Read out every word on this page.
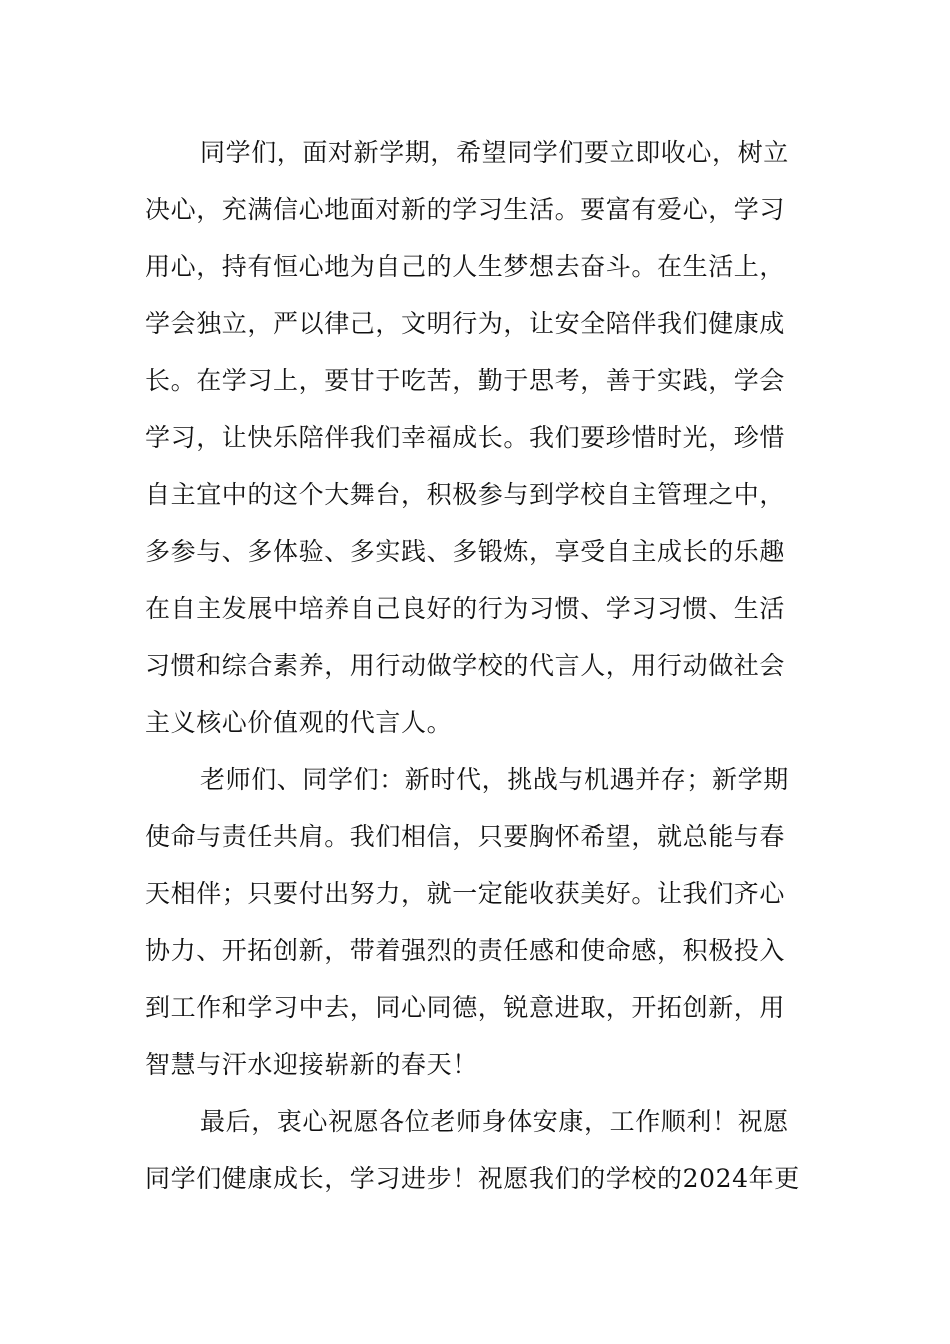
同学们，面对新学期，希望同学们要立即收心，树立
决心，充满信心地面对新的学习生活。要富有爱心，学习
用心，持有恒心地为自己的人生梦想去奋斗。在生活上，
学会独立，严以律己，文明行为，让安全陪伴我们健康成
长。在学习上，要甘于吃苦，勤于思考，善于实践，学会
学习，让快乐陪伴我们幸福成长。我们要珍惜时光，珍惜
自主宜中的这个大舞台，积极参与到学校自主管理之中，
多参与、多体验、多实践、多锻炼，享受自主成长的乐趣
在自主发展中培养自己良好的行为习惯、学习习惯、生活
习惯和综合素养，用行动做学校的代言人，用行动做社会
主义核心价值观的代言人。
老师们、同学们：新时代，挑战与机遇并存；新学期
使命与责任共肩。我们相信，只要胸怀希望，就总能与春
天相伴；只要付出努力，就一定能收获美好。让我们齐心
协力、开拓创新，带着强烈的责任感和使命感，积极投入
到工作和学习中去，同心同德，锐意进取，开拓创新，用
智慧与汗水迎接崭新的春天！
最后，衷心祝愿各位老师身体安康，工作顺利！祝愿
同学们健康成长，学习进步！祝愿我们的学校的2024年更
